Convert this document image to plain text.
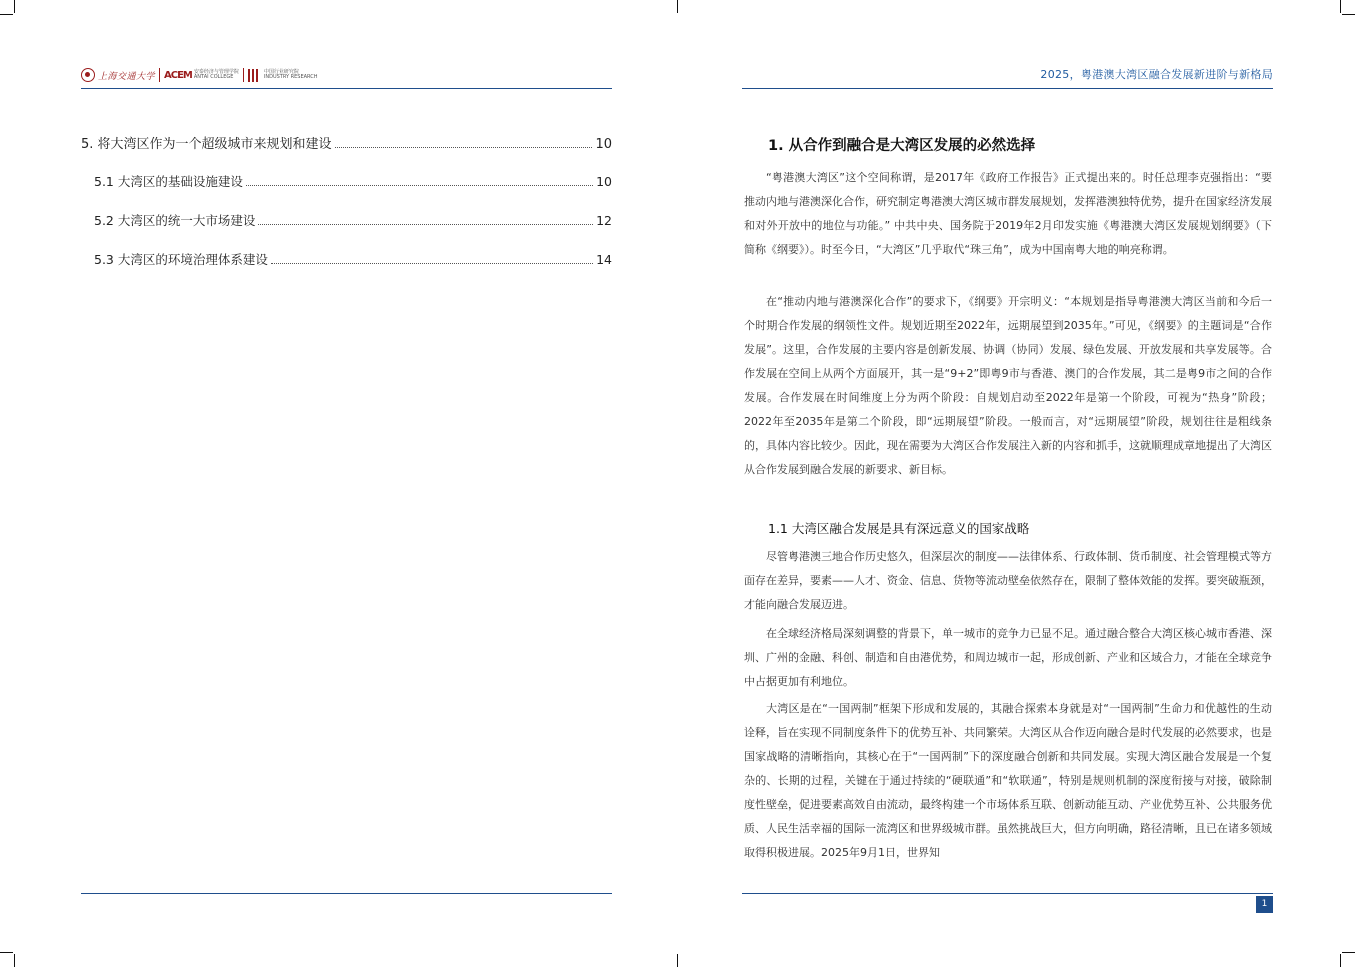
上海交通大学 ACEM 安泰经济与管理学院
ANTAI COLLEGE
中国行业研究院
INDUSTRY RESEARCH	2025，粤港澳大湾区融合发展新进阶与新格局
5. 将大湾区作为一个超级城市来规划和建设	10
5.1 大湾区的基础设施建设	10
5.2 大湾区的统一大市场建设	12
5.3 大湾区的环境治理体系建设	14
1. 从合作到融合是大湾区发展的必然选择
“粤港澳大湾区”这个空间称谓，是2017年《政府工作报告》正式提出来的。时任总理李克强指出：“要推动内地与港澳深化合作，研究制定粤港澳大湾区城市群发展规划，发挥港澳独特优势，提升在国家经济发展和对外开放中的地位与功能。” 中共中央、国务院于2019年2月印发实施《粤港澳大湾区发展规划纲要》（下简称《纲要》）。时至今日，“大湾区”几乎取代“珠三角”，成为中国南粤大地的响亮称谓。
在“推动内地与港澳深化合作”的要求下，《纲要》开宗明义：“本规划是指导粤港澳大湾区当前和今后一个时期合作发展的纲领性文件。规划近期至2022年，远期展望到2035年。”可见，《纲要》的主题词是“合作发展”。这里，合作发展的主要内容是创新发展、协调（协同）发展、绿色发展、开放发展和共享发展等。合作发展在空间上从两个方面展开，其一是“9+2”即粤9市与香港、澳门的合作发展，其二是粤9市之间的合作发展。合作发展在时间维度上分为两个阶段：自规划启动至2022年是第一个阶段，可视为“热身”阶段；2022年至2035年是第二个阶段，即“远期展望”阶段。一般而言，对“远期展望”阶段，规划往往是粗线条的，具体内容比较少。因此，现在需要为大湾区合作发展注入新的内容和抓手，这就顺理成章地提出了大湾区从合作发展到融合发展的新要求、新目标。
1.1 大湾区融合发展是具有深远意义的国家战略
尽管粤港澳三地合作历史悠久，但深层次的制度——法律体系、行政体制、货币制度、社会管理模式等方面存在差异，要素——人才、资金、信息、货物等流动壁垒依然存在，限制了整体效能的发挥。要突破瓶颈，才能向融合发展迈进。
在全球经济格局深刻调整的背景下，单一城市的竞争力已显不足。通过融合整合大湾区核心城市香港、深圳、广州的金融、科创、制造和自由港优势，和周边城市一起，形成创新、产业和区域合力，才能在全球竞争中占据更加有利地位。
大湾区是在“一国两制”框架下形成和发展的，其融合探索本身就是对“一国两制”生命力和优越性的生动诠释，旨在实现不同制度条件下的优势互补、共同繁荣。大湾区从合作迈向融合是时代发展的必然要求，也是国家战略的清晰指向，其核心在于“一国两制”下的深度融合创新和共同发展。实现大湾区融合发展是一个复杂的、长期的过程，关键在于通过持续的“硬联通”和“软联通”，特别是规则机制的深度衔接与对接，破除制度性壁垒，促进要素高效自由流动，最终构建一个市场体系互联、创新动能互动、产业优势互补、公共服务优质、人民生活幸福的国际一流湾区和世界级城市群。虽然挑战巨大，但方向明确，路径清晰，且已在诸多领域取得积极进展。2025年9月1日，世界知
1
